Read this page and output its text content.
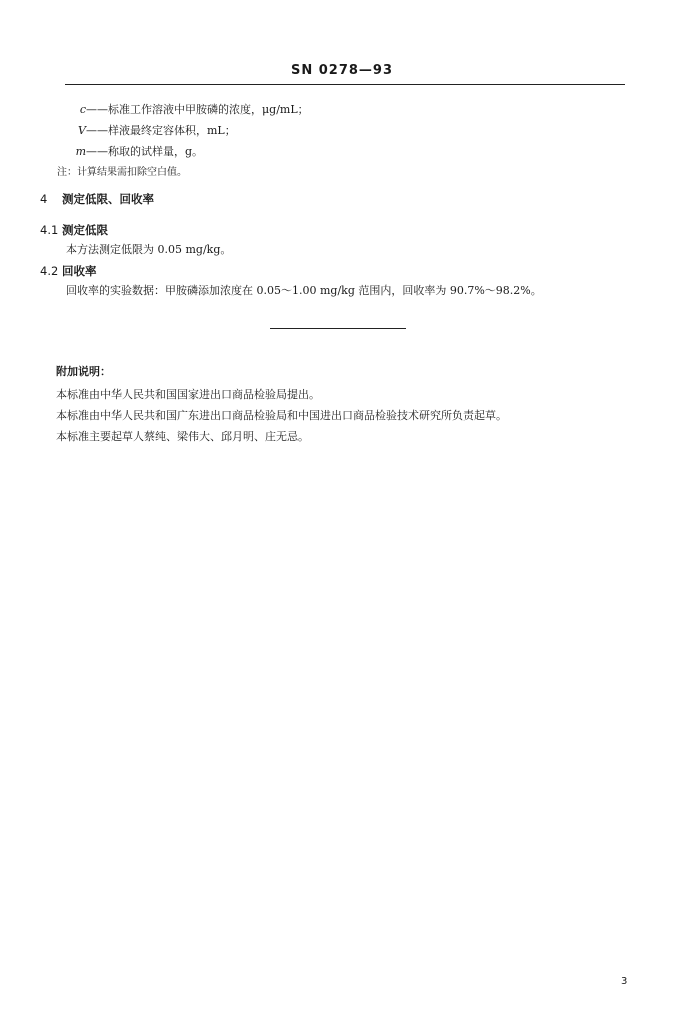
SN 0278—93
c——标准工作溶液中甲胺磷的浓度，μg/mL；
V——样液最终定容体积，mL；
m——称取的试样量，g。
注：计算结果需扣除空白值。
4 测定低限、回收率
4.1 测定低限
本方法测定低限为 0.05 mg/kg。
4.2 回收率
回收率的实验数据：甲胺磷添加浓度在 0.05～1.00 mg/kg 范围内，回收率为 90.7%～98.2%。
附加说明：
本标准由中华人民共和国国家进出口商品检验局提出。
本标准由中华人民共和国广东进出口商品检验局和中国进出口商品检验技术研究所负责起草。
本标准主要起草人蔡纯、梁伟大、邱月明、庄无忌。
3
